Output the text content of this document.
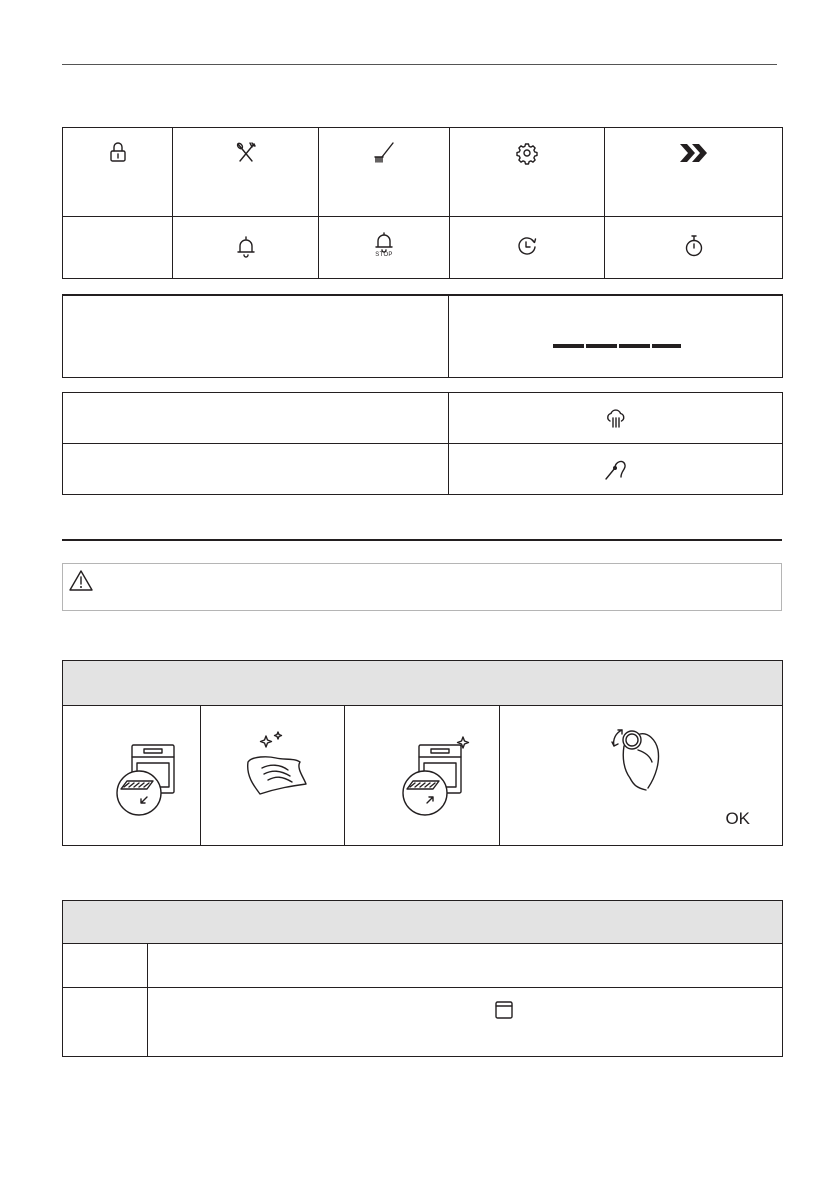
STOP

OK
